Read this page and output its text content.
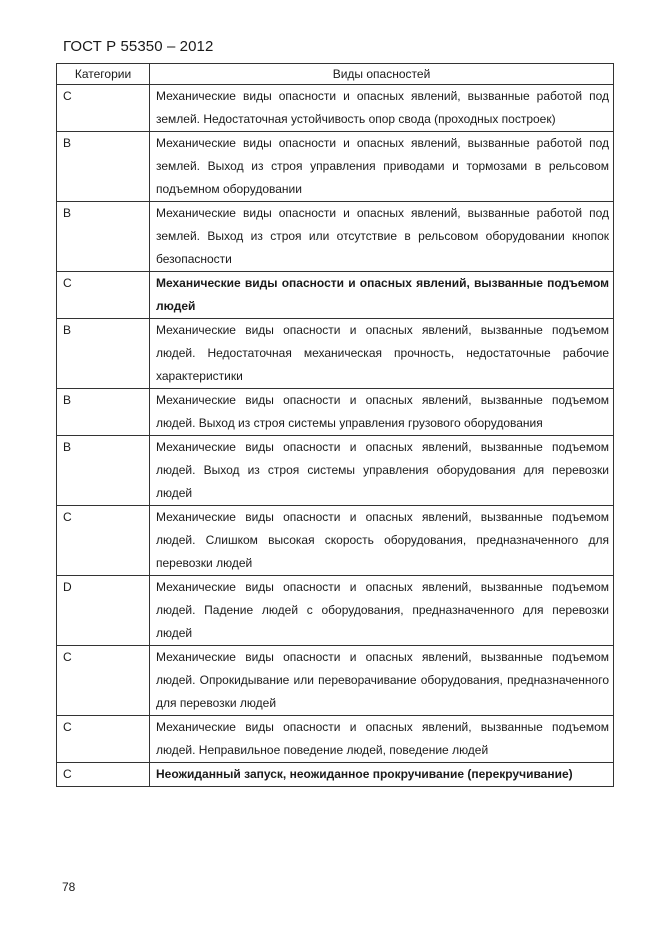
ГОСТ Р 55350 – 2012
Категории	Виды опасностей
C	Механические виды опасности и опасных явлений, вызванные работой под землей. Недостаточная устойчивость опор свода (проходных построек)
B	Механические виды опасности и опасных явлений, вызванные работой под землей. Выход из строя управления приводами и тормозами в рельсовом подъемном оборудовании
B	Механические виды опасности и опасных явлений, вызванные работой под землей. Выход из строя или отсутствие в рельсовом оборудовании кнопок безопасности
C	Механические виды опасности и опасных явлений, вызванные подъемом людей
B	Механические виды опасности и опасных явлений, вызванные подъемом людей. Недостаточная механическая прочность, недостаточные рабочие характеристики
B	Механические виды опасности и опасных явлений, вызванные подъемом людей. Выход из строя системы управления грузового оборудования
B	Механические виды опасности и опасных явлений, вызванные подъемом людей. Выход из строя системы управления оборудования для перевозки людей
C	Механические виды опасности и опасных явлений, вызванные подъемом людей. Слишком высокая скорость оборудования, предназначенного для перевозки людей
D	Механические виды опасности и опасных явлений, вызванные подъемом людей. Падение людей с оборудования, предназначенного для перевозки людей
C	Механические виды опасности и опасных явлений, вызванные подъемом людей. Опрокидывание или переворачивание оборудования, предназначенного для перевозки людей
C	Механические виды опасности и опасных явлений, вызванные подъемом людей. Неправильное поведение людей, поведение людей
C	Неожиданный запуск, неожиданное прокручивание (перекручивание)
78
